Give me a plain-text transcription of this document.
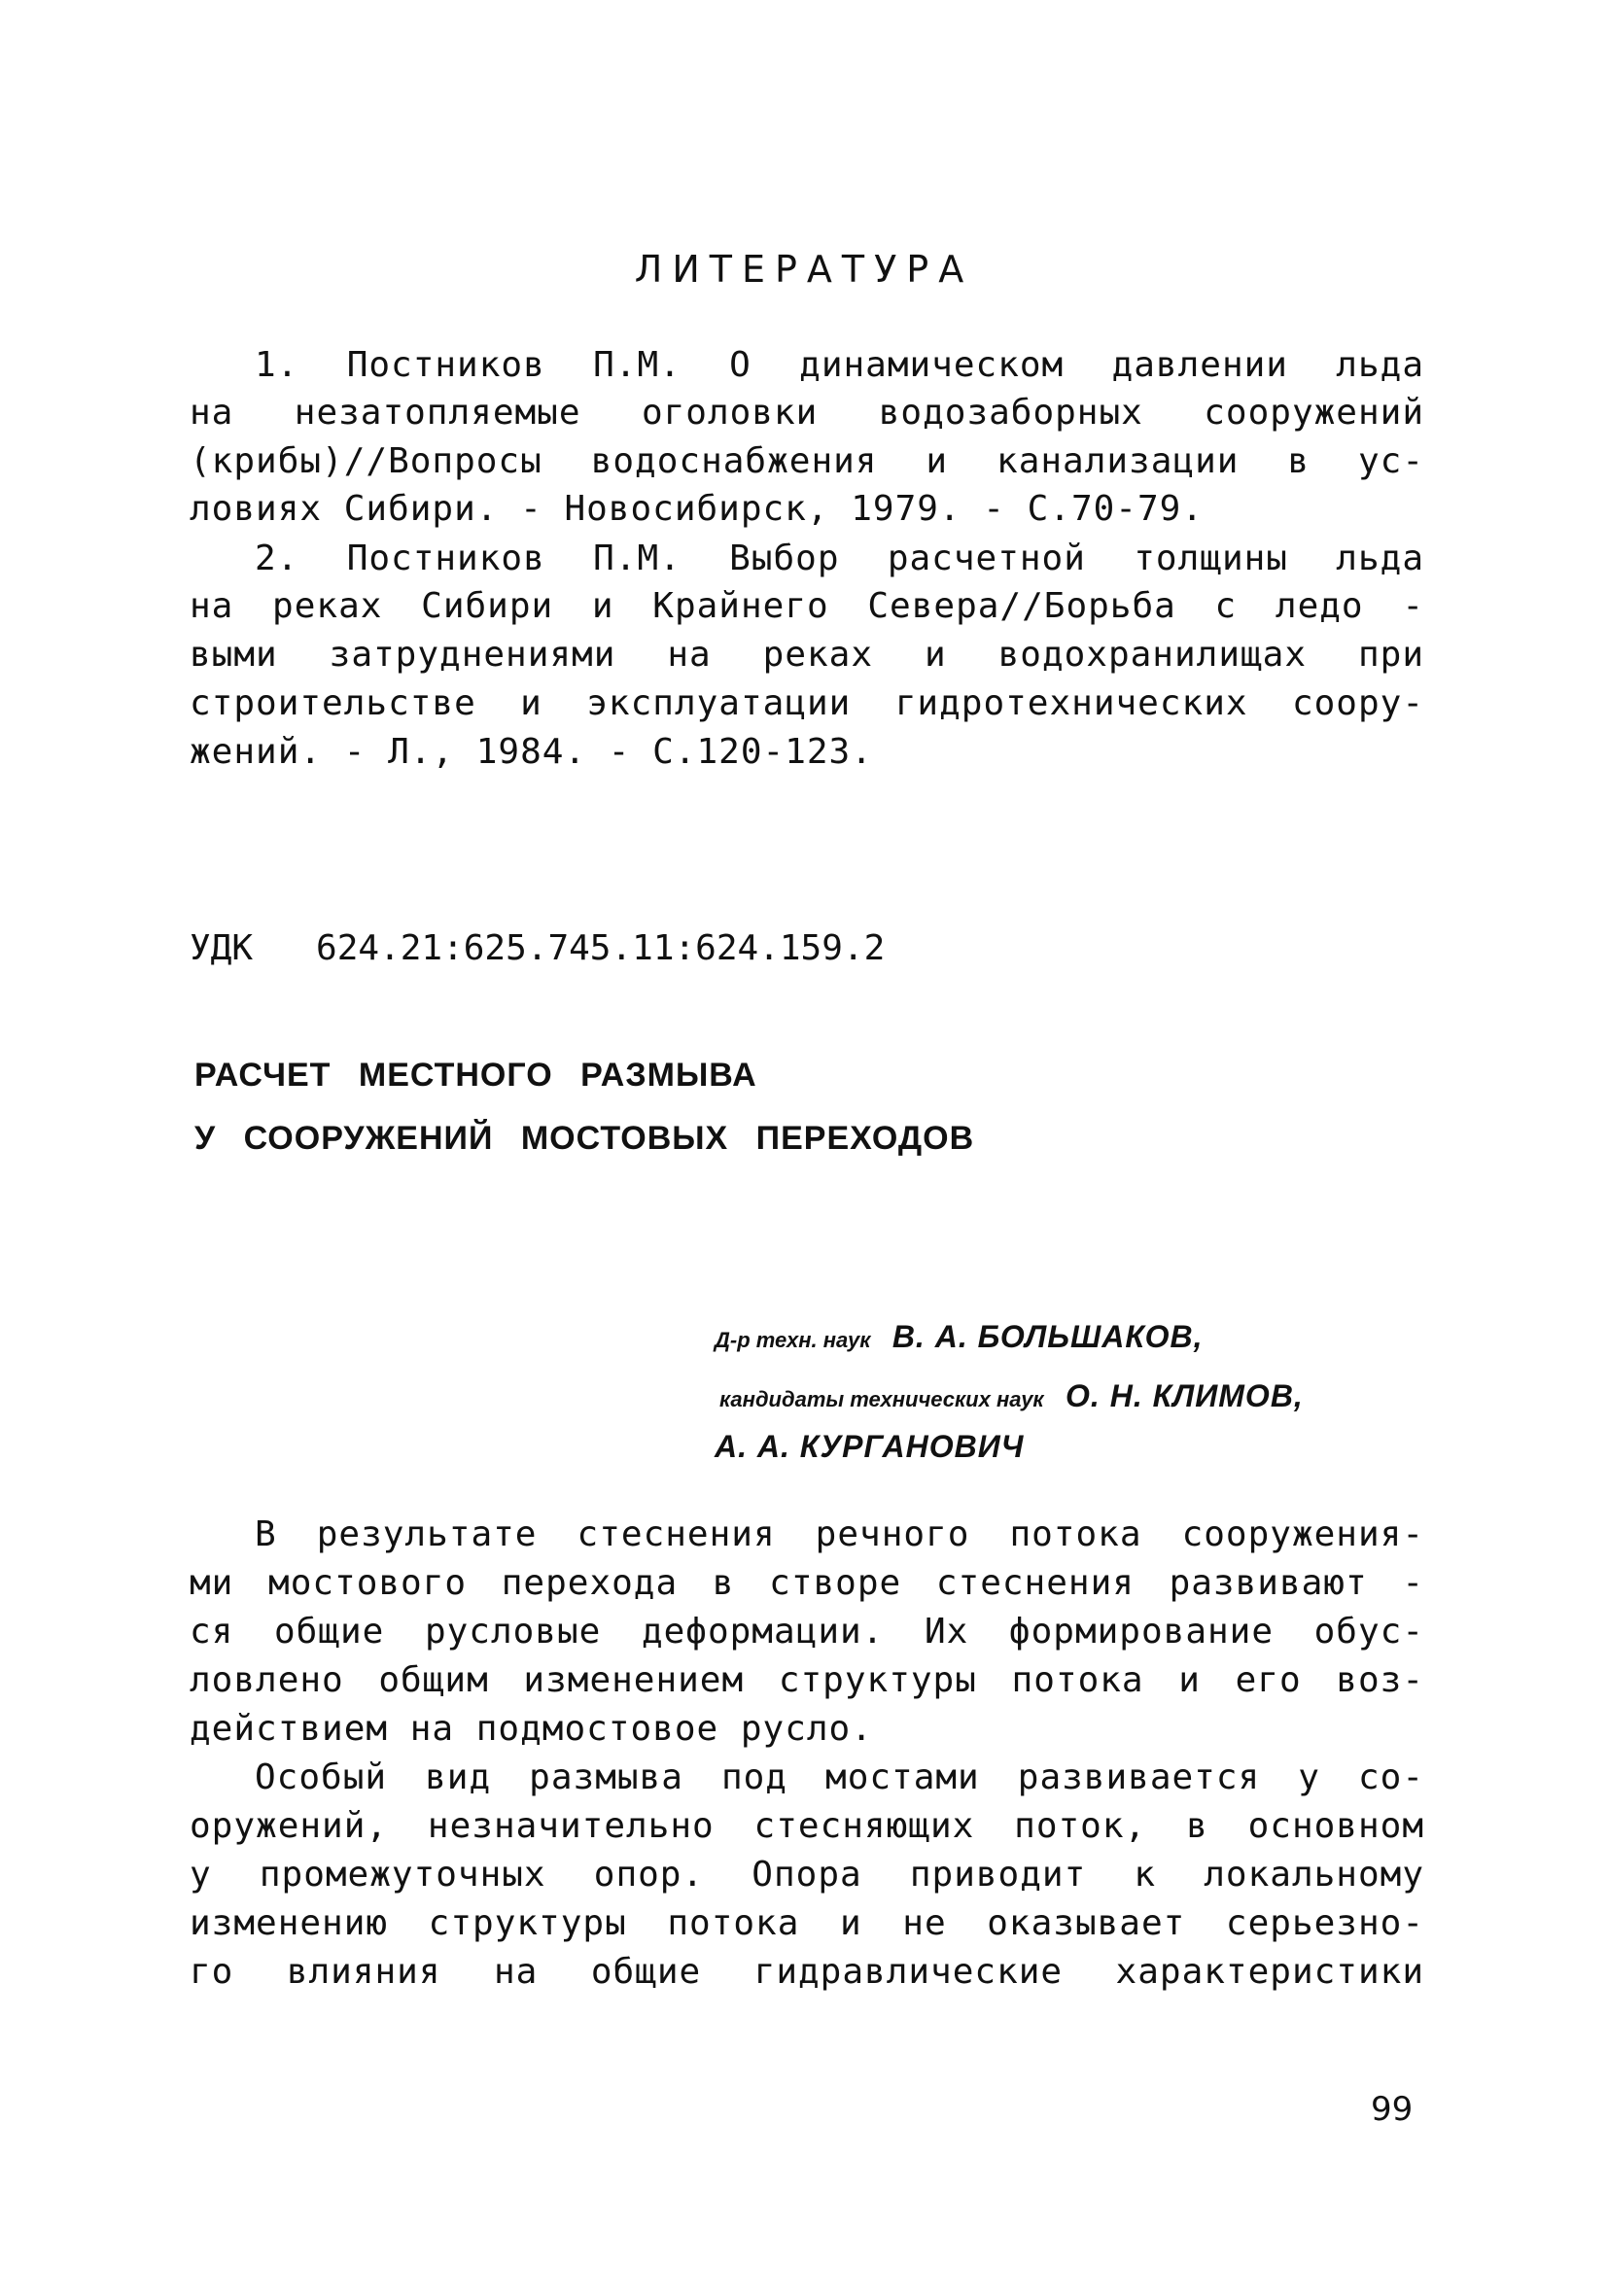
ЛИТЕРАТУРА
1. Постников П.М. О динамическом давлении льда
на незатопляемые оголовки водозаборных сооружений
(крибы)//Вопросы водоснабжения и канализации в ус-
ловиях Сибири. - Новосибирск, 1979. - С.70-79.
2. Постников П.М. Выбор расчетной толщины льда
на реках Сибири и Крайнего Севера//Борьба с ледо -
выми затруднениями на реках и водохранилищах при
строительстве и эксплуатации гидротехнических соору-
жений. - Л., 1984. - С.120-123.
УДК   624.21:625.745.11:624.159.2
РАСЧЕТ МЕСТНОГО РАЗМЫВА
У СООРУЖЕНИЙ МОСТОВЫХ ПЕРЕХОДОВ
Д-р техн. наук В. А. БОЛЬШАКОВ,
кандидаты технических наук О. Н. КЛИМОВ,
А. А. КУРГАНОВИЧ
В результате стеснения речного потока сооружения-
ми мостового перехода в створе стеснения развивают -
ся общие русловые деформации. Их формирование обус-
ловлено общим изменением структуры потока и его воз-
действием на подмостовое русло.
Особый вид размыва под мостами развивается у со-
оружений, незначительно стесняющих поток, в основном
у промежуточных опор. Опора приводит к локальному
изменению структуры потока и не оказывает серьезно-
го влияния на общие гидравлические характеристики
99
